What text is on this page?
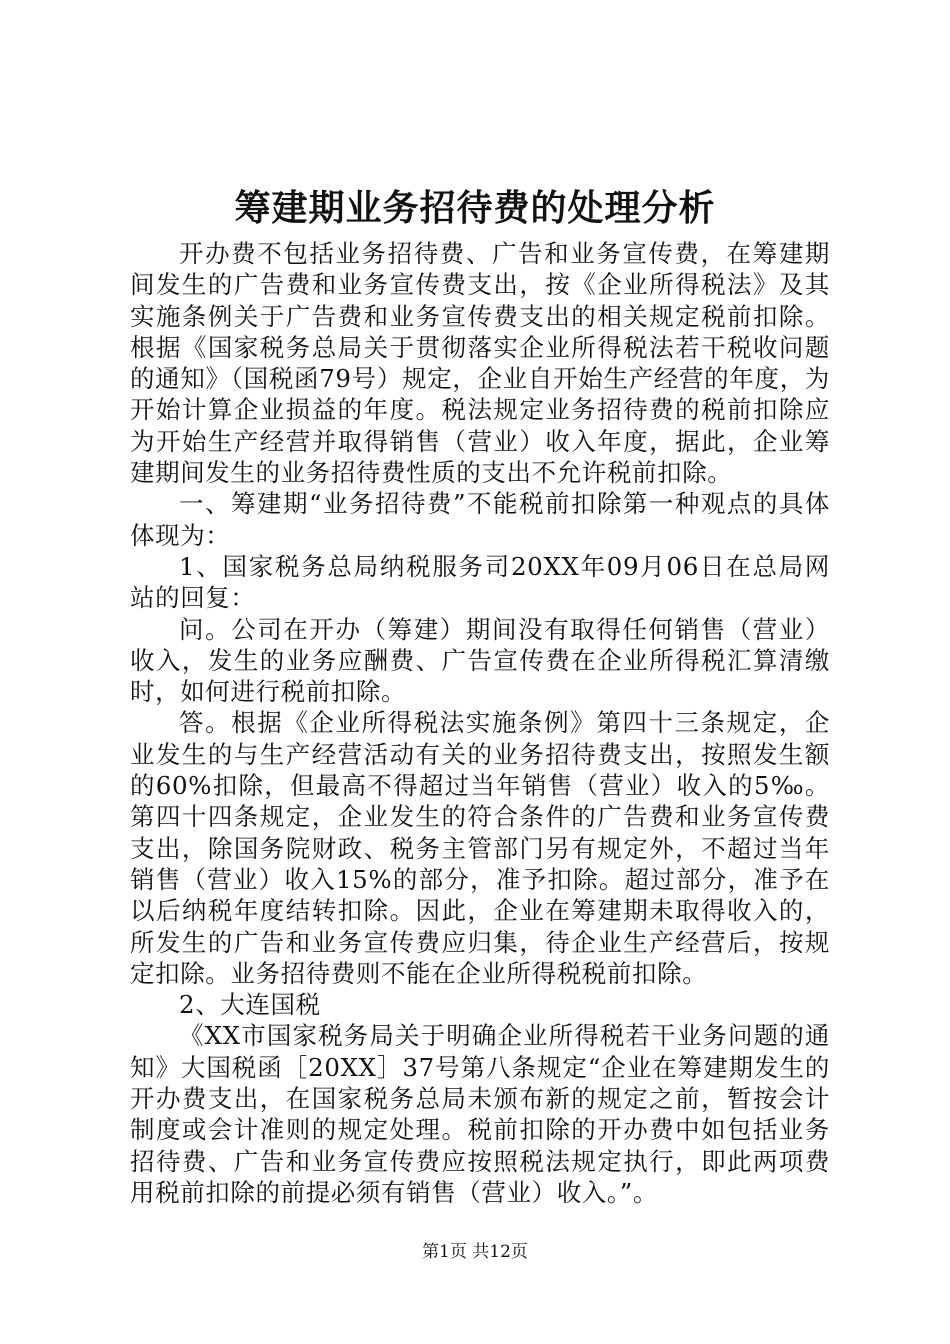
筹建期业务招待费的处理分析

开办费不包括业务招待费、广告和业务宣传费，在筹建期间发生的广告费和业务宣传费支出，按《企业所得税法》及其实施条例关于广告费和业务宣传费支出的相关规定税前扣除。根据《国家税务总局关于贯彻落实企业所得税法若干税收问题的通知》（国税函79号）规定，企业自开始生产经营的年度，为开始计算企业损益的年度。税法规定业务招待费的税前扣除应为开始生产经营并取得销售（营业）收入年度，据此，企业筹建期间发生的业务招待费性质的支出不允许税前扣除。

一、筹建期“业务招待费”不能税前扣除第一种观点的具体体现为：

1、国家税务总局纳税服务司20XX年09月06日在总局网站的回复：

问。公司在开办（筹建）期间没有取得任何销售（营业）收入，发生的业务应酬费、广告宣传费在企业所得税汇算清缴时，如何进行税前扣除。

答。根据《企业所得税法实施条例》第四十三条规定，企业发生的与生产经营活动有关的业务招待费支出，按照发生额的60%扣除，但最高不得超过当年销售（营业）收入的5‰。第四十四条规定，企业发生的符合条件的广告费和业务宣传费支出，除国务院财政、税务主管部门另有规定外，不超过当年销售（营业）收入15%的部分，准予扣除。超过部分，准予在以后纳税年度结转扣除。因此，企业在筹建期未取得收入的，所发生的广告和业务宣传费应归集，待企业生产经营后，按规定扣除。业务招待费则不能在企业所得税税前扣除。

2、大连国税

《XX市国家税务局关于明确企业所得税若干业务问题的通知》大国税函［20XX］37号第八条规定“企业在筹建期发生的开办费支出，在国家税务总局未颁布新的规定之前，暂按会计制度或会计准则的规定处理。税前扣除的开办费中如包括业务招待费、广告和业务宣传费应按照税法规定执行，即此两项费用税前扣除的前提必须有销售（营业）收入。”。

第1页 共12页
